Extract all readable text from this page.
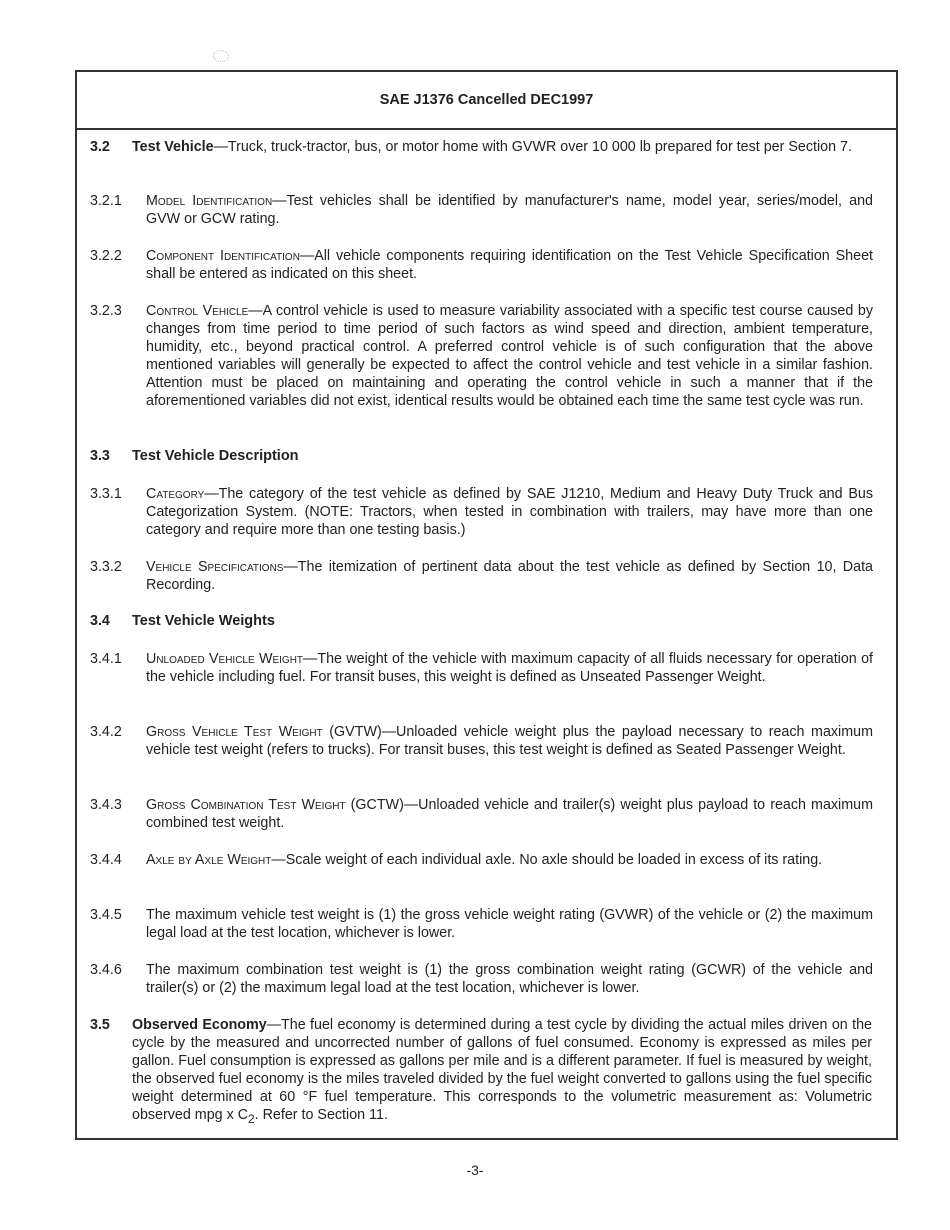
SAE J1376 Cancelled DEC1997
3.2 Test Vehicle—Truck, truck-tractor, bus, or motor home with GVWR over 10 000 lb prepared for test per Section 7.
3.2.1 Model Identification—Test vehicles shall be identified by manufacturer's name, model year, series/model, and GVW or GCW rating.
3.2.2 Component Identification—All vehicle components requiring identification on the Test Vehicle Specification Sheet shall be entered as indicated on this sheet.
3.2.3 Control Vehicle—A control vehicle is used to measure variability associated with a specific test course caused by changes from time period to time period of such factors as wind speed and direction, ambient temperature, humidity, etc., beyond practical control. A preferred control vehicle is of such configuration that the above mentioned variables will generally be expected to affect the control vehicle and test vehicle in a similar fashion. Attention must be placed on maintaining and operating the control vehicle in such a manner that if the aforementioned variables did not exist, identical results would be obtained each time the same test cycle was run.
3.3 Test Vehicle Description
3.3.1 Category—The category of the test vehicle as defined by SAE J1210, Medium and Heavy Duty Truck and Bus Categorization System. (NOTE: Tractors, when tested in combination with trailers, may have more than one category and require more than one testing basis.)
3.3.2 Vehicle Specifications—The itemization of pertinent data about the test vehicle as defined by Section 10, Data Recording.
3.4 Test Vehicle Weights
3.4.1 Unloaded Vehicle Weight—The weight of the vehicle with maximum capacity of all fluids necessary for operation of the vehicle including fuel. For transit buses, this weight is defined as Unseated Passenger Weight.
3.4.2 Gross Vehicle Test Weight (GVTW)—Unloaded vehicle weight plus the payload necessary to reach maximum vehicle test weight (refers to trucks). For transit buses, this test weight is defined as Seated Passenger Weight.
3.4.3 Gross Combination Test Weight (GCTW)—Unloaded vehicle and trailer(s) weight plus payload to reach maximum combined test weight.
3.4.4 Axle by Axle Weight—Scale weight of each individual axle. No axle should be loaded in excess of its rating.
3.4.5 The maximum vehicle test weight is (1) the gross vehicle weight rating (GVWR) of the vehicle or (2) the maximum legal load at the test location, whichever is lower.
3.4.6 The maximum combination test weight is (1) the gross combination weight rating (GCWR) of the vehicle and trailer(s) or (2) the maximum legal load at the test location, whichever is lower.
3.5 Observed Economy—The fuel economy is determined during a test cycle by dividing the actual miles driven on the cycle by the measured and uncorrected number of gallons of fuel consumed. Economy is expressed as miles per gallon. Fuel consumption is expressed as gallons per mile and is a different parameter. If fuel is measured by weight, the observed fuel economy is the miles traveled divided by the fuel weight converted to gallons using the fuel specific weight determined at 60 °F fuel temperature. This corresponds to the volumetric measurement as: Volumetric observed mpg x $C_2$. Refer to Section 11.
-3-
